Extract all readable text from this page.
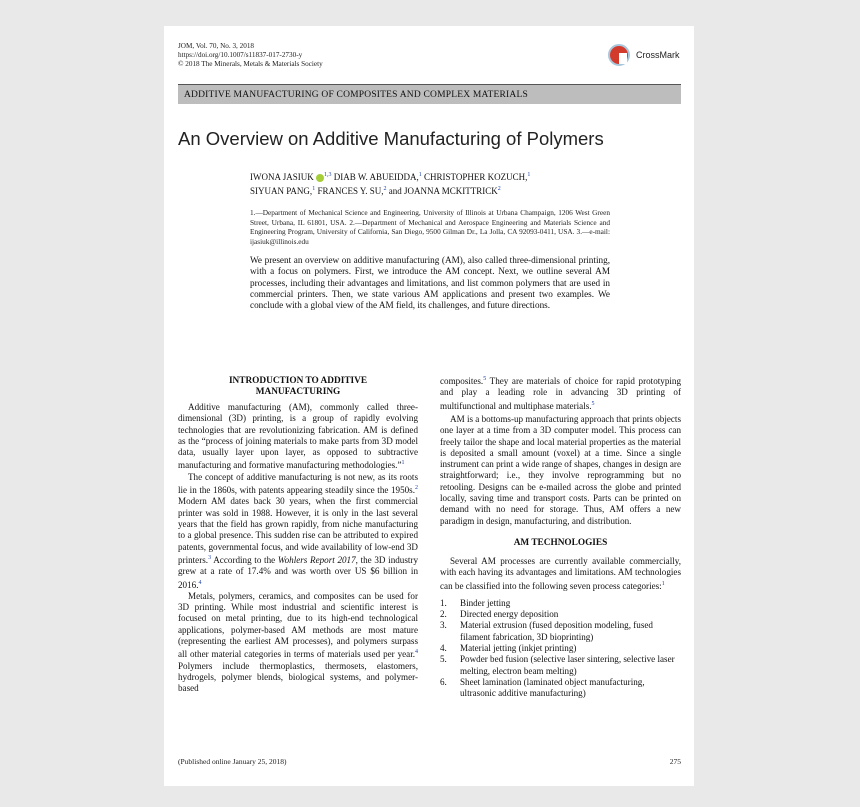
JOM, Vol. 70, No. 3, 2018
https://doi.org/10.1007/s11837-017-2730-y
© 2018 The Minerals, Metals & Materials Society
CrossMark
ADDITIVE MANUFACTURING OF COMPOSITES AND COMPLEX MATERIALS
An Overview on Additive Manufacturing of Polymers
IWONA JASIUK $^{1,3}$ DIAB W. ABUEIDDA,$^1$ CHRISTOPHER KOZUCH,$^1$
SIYUAN PANG,$^1$ FRANCES Y. SU,$^2$ and JOANNA MCKITTRICK$^2$
1.—Department of Mechanical Science and Engineering, University of Illinois at Urbana Champaign, 1206 West Green Street, Urbana, IL 61801, USA. 2.—Department of Mechanical and Aerospace Engineering and Materials Science and Engineering Program, University of California, San Diego, 9500 Gilman Dr., La Jolla, CA 92093-0411, USA. 3.—e-mail: ijasiuk@illinois.edu
We present an overview on additive manufacturing (AM), also called three-dimensional printing, with a focus on polymers. First, we introduce the AM concept. Next, we outline several AM processes, including their advantages and limitations, and list common polymers that are used in commercial printers. Then, we state various AM applications and present two examples. We conclude with a global view of the AM field, its challenges, and future directions.
INTRODUCTION TO ADDITIVE
MANUFACTURING

Additive manufacturing (AM), commonly called three-dimensional (3D) printing, is a group of rapidly evolving technologies that are revolutionizing fabrication. AM is defined as the “process of joining materials to make parts from 3D model data, usually layer upon layer, as opposed to subtractive manufacturing and formative manufacturing methodologies.”$^1$

The concept of additive manufacturing is not new, as its roots lie in the 1860s, with patents appearing steadily since the 1950s.$^2$ Modern AM dates back 30 years, when the first commercial printer was sold in 1988. However, it is only in the last several years that the field has grown rapidly, from niche manufacturing to a global presence. This sudden rise can be attributed to expired patents, governmental focus, and wide availability of low-end 3D printers.$^3$ According to the Wohlers Report 2017, the 3D industry grew at a rate of 17.4% and was worth over US $6 billion in 2016.$^4$

Metals, polymers, ceramics, and composites can be used for 3D printing. While most industrial and scientific interest is focused on metal printing, due to its high-end technological applications, polymer-based AM methods are most mature (representing the earliest AM processes), and polymers surpass all other material categories in terms of materials used per year.$^4$ Polymers include thermoplastics, thermosets, elastomers, hydrogels, polymer blends, biological systems, and polymer-based

composites.$^5$ They are materials of choice for rapid prototyping and play a leading role in advancing 3D printing of multifunctional and multiphase materials.$^5$

AM is a bottoms-up manufacturing approach that prints objects one layer at a time from a 3D computer model. This process can freely tailor the shape and local material properties as the material is deposited a small amount (voxel) at a time. Since a single instrument can print a wide range of shapes, changes in design are straightforward; i.e., they involve reprogramming but no retooling. Designs can be e-mailed across the globe and printed locally, saving time and transport costs. Parts can be printed on demand with no need for storage. Thus, AM offers a new paradigm in design, manufacturing, and distribution.

AM TECHNOLOGIES

Several AM processes are currently available commercially, with each having its advantages and limitations. AM technologies can be classified into the following seven process categories:$^1$

1.	Binder jetting
2.	Directed energy deposition
3.	Material extrusion (fused deposition modeling, fused filament fabrication, 3D bioprinting)
4.	Material jetting (inkjet printing)
5.	Powder bed fusion (selective laser sintering, selective laser melting, electron beam melting)
6.	Sheet lamination (laminated object manufacturing, ultrasonic additive manufacturing)
(Published online January 25, 2018)	275
